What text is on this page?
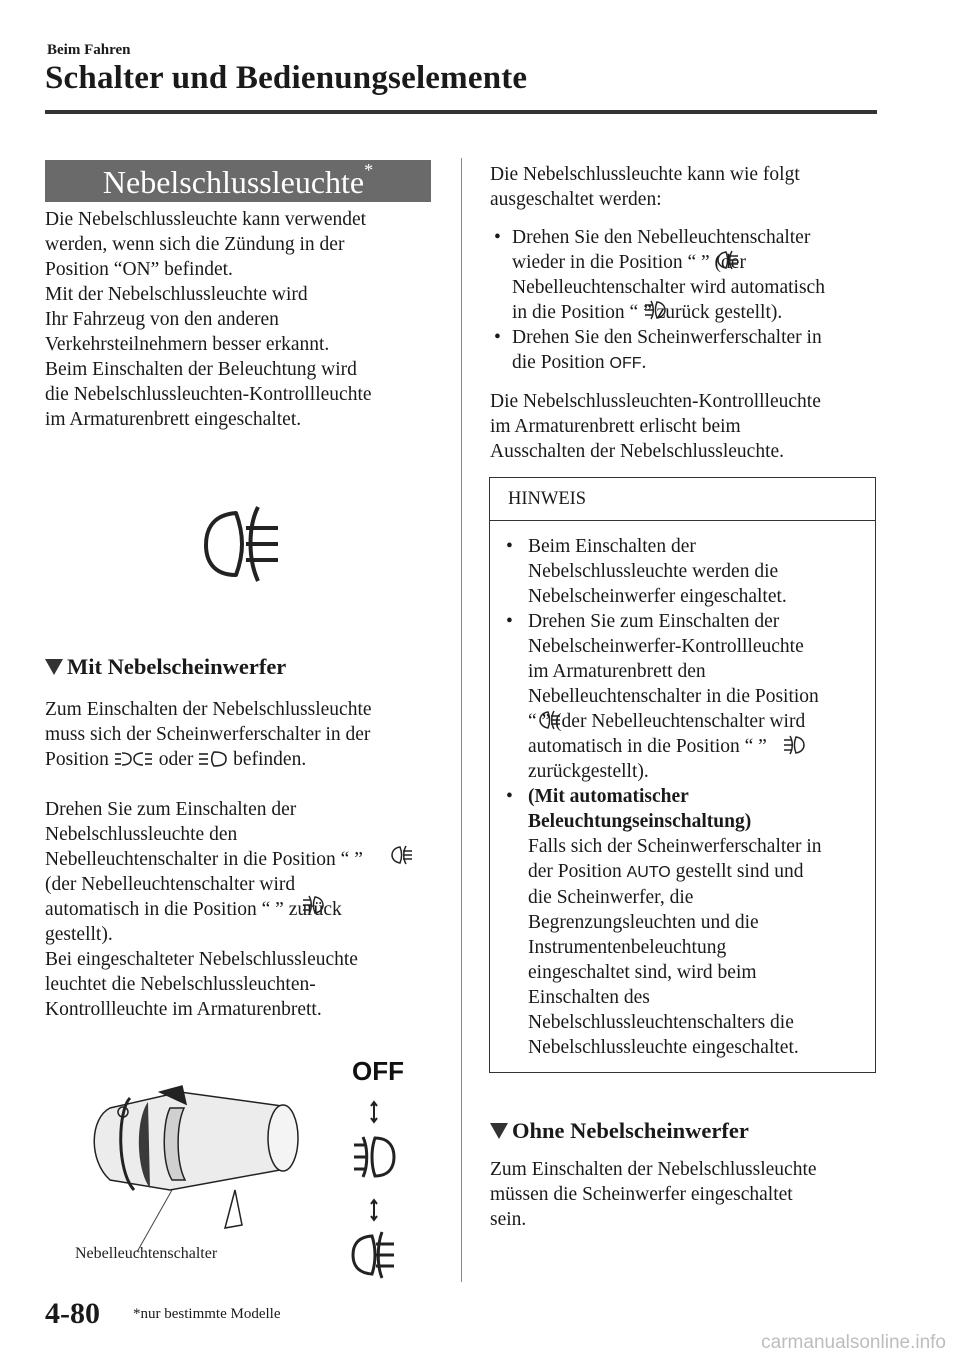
Beim Fahren
Schalter und Bedienungselemente
Nebelschlussleuchte*

Die Nebelschlussleuchte kann verwendet
werden, wenn sich die Zündung in der
Position “ON” befindet.
Mit der Nebelschlussleuchte wird
Ihr Fahrzeug von den anderen
Verkehrsteilnehmern besser erkannt.
Beim Einschalten der Beleuchtung wird
die Nebelschlussleuchten-Kontrollleuchte
im Armaturenbrett eingeschaltet.

Mit Nebelscheinwerfer

Zum Einschalten der Nebelschlussleuchte
muss sich der Scheinwerferschalter in der
Position  oder  befinden.

Drehen Sie zum Einschalten der
Nebelschlussleuchte den
Nebelleuchtenschalter in die Position “ ”
(der Nebelleuchtenschalter wird
automatisch in die Position “ ” zurück
gestellt).
Bei eingeschalteter Nebelschlussleuchte
leuchtet die Nebelschlussleuchten-
Kontrollleuchte im Armaturenbrett.

OFF
Nebelleuchtenschalter

Die Nebelschlussleuchte kann wie folgt
ausgeschaltet werden:

• Drehen Sie den Nebelleuchtenschalter
wieder in die Position “ ” (der
Nebelleuchtenschalter wird automatisch
in die Position “ ” zurück gestellt).
• Drehen Sie den Scheinwerferschalter in
die Position OFF.

Die Nebelschlussleuchten-Kontrollleuchte
im Armaturenbrett erlischt beim
Ausschalten der Nebelschlussleuchte.

HINWEIS
• Beim Einschalten der
Nebelschlussleuchte werden die
Nebelscheinwerfer eingeschaltet.
• Drehen Sie zum Einschalten der
Nebelscheinwerfer-Kontrollleuchte
im Armaturenbrett den
Nebelleuchtenschalter in die Position
“ ” (der Nebelleuchtenschalter wird
automatisch in die Position “ ”
zurückgestellt).
• (Mit automatischer
Beleuchtungseinschaltung)
Falls sich der Scheinwerferschalter in
der Position AUTO gestellt sind und
die Scheinwerfer, die
Begrenzungsleuchten und die
Instrumentenbeleuchtung
eingeschaltet sind, wird beim
Einschalten des
Nebelschlussleuchtenschalters die
Nebelschlussleuchte eingeschaltet.
Ohne Nebelscheinwerfer

Zum Einschalten der Nebelschlussleuchte
müssen die Scheinwerfer eingeschaltet
sein.

4-80 *nur bestimmte Modelle
carmanualsonline.info
